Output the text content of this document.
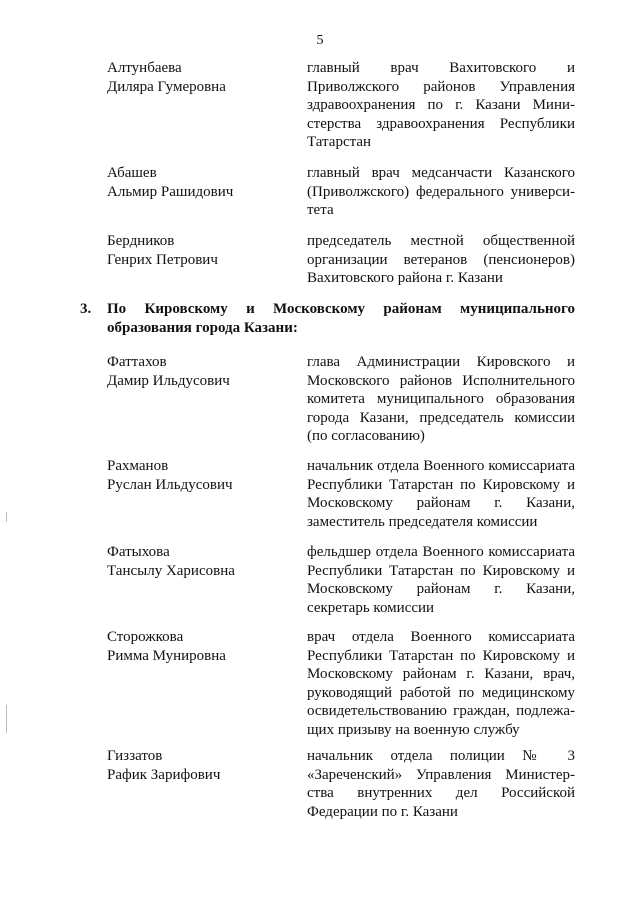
5
Алтунбаева
Диляра Гумеровна
главный врач Вахитовского и
Приволжского районов Управления
здравоохранения по г. Казани Мини-
стерства здравоохранения Республики
Татарстан
Абашев
Альмир Рашидович
главный врач медсанчасти Казанского
(Приволжского) федерального универси-
тета
Бердников
Генрих Петрович
председатель местной общественной
организации ветеранов (пенсионеров)
Вахитовского района г. Казани
3. По Кировскому и Московскому районам муниципального
образования города Казани:
Фаттахов
Дамир Ильдусович
глава Администрации Кировского и
Московского районов Исполнительного
комитета муниципального образования
города Казани, председатель комиссии
(по согласованию)
Рахманов
Руслан Ильдусович
начальник отдела Военного комиссариата
Республики Татарстан по Кировскому и
Московскому районам г. Казани,
заместитель председателя комиссии
Фатыхова
Тансылу Харисовна
фельдшер отдела Военного комиссариата
Республики Татарстан по Кировскому и
Московскому районам г. Казани,
секретарь комиссии
Сторожкова
Римма Мунировна
врач отдела Военного комиссариата
Республики Татарстан по Кировскому и
Московскому районам г. Казани, врач,
руководящий работой по медицинскому
освидетельствованию граждан, подлежа-
щих призыву на военную службу
Гиззатов
Рафик Зарифович
начальник отдела полиции № 3
«Зареченский» Управления Министер-
ства внутренних дел Российской
Федерации по г. Казани
